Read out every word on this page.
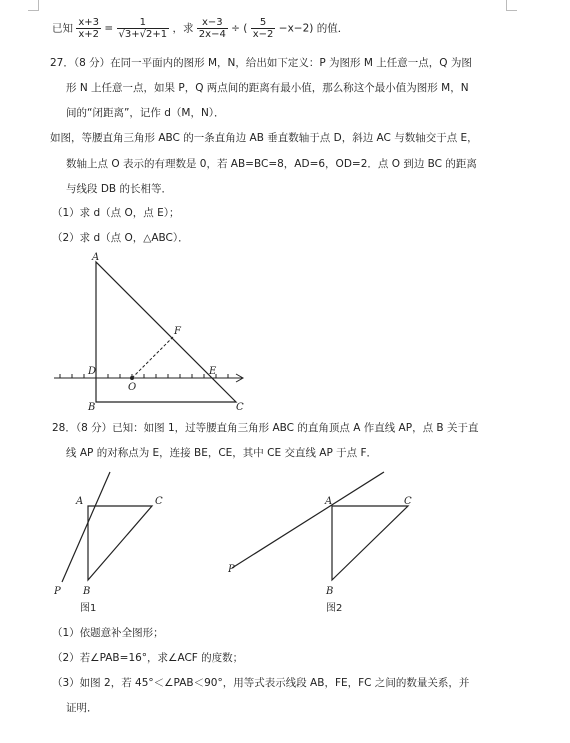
已知 $\frac{x+3}{x+2} = \frac{1}{√3+√2+1}$ ，求 $\frac{x-3}{2x-4}$ ÷ ( $\frac{5}{x-2} -x-2$) 的值．
27．（8 分）在同一平面内的图形 M，N，给出如下定义：P 为图形 M 上任意一点，Q 为图
形 N 上任意一点，如果 P，Q 两点间的距离有最小值，那么称这个最小值为图形 M，N
间的“闭距离”，记作 d（M，N）．
如图，等腰直角三角形 ABC 的一条直角边 AB 垂直数轴于点 D，斜边 AC 与数轴交于点 E，
数轴上点 O 表示的有理数是 0，若 AB=BC=8，AD=6，OD=2．点 O 到边 BC 的距离
与线段 DB 的长相等．
（1）求 d（点 O，点 E）；
（2）求 d（点 O，△ABC）．
A
D
O
F
E
B	C
28．（8 分）已知：如图 1，过等腰直角三角形 ABC 的直角顶点 A 作直线 AP，点 B 关于直
线 AP 的对称点为 E，连接 BE，CE，其中 CE 交直线 AP 于点 F．
A	C
B
P
图1
A	C
B
P
图2
（1）依题意补全图形；
（2）若∠PAB=16°，求∠ACF 的度数；
（3）如图 2，若 45°＜∠PAB＜90°，用等式表示线段 AB，FE，FC 之间的数量关系，并
证明．
